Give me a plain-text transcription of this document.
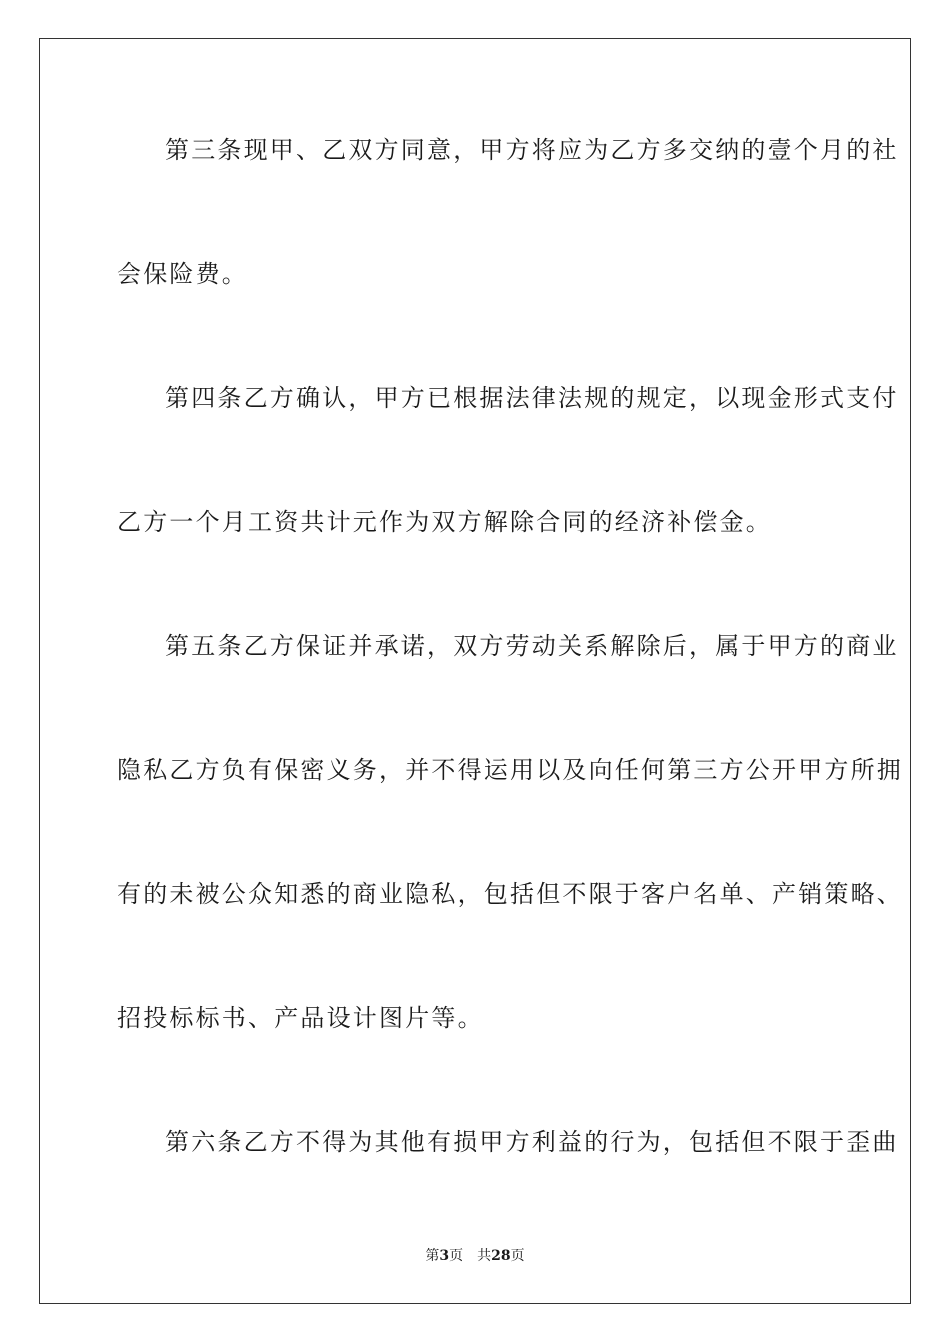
第三条现甲、乙双方同意，甲方将应为乙方多交纳的壹个月的社
会保险费。
第四条乙方确认，甲方已根据法律法规的规定，以现金形式支付
乙方一个月工资共计元作为双方解除合同的经济补偿金。
第五条乙方保证并承诺，双方劳动关系解除后，属于甲方的商业
隐私乙方负有保密义务，并不得运用以及向任何第三方公开甲方所拥
有的未被公众知悉的商业隐私，包括但不限于客户名单、产销策略、
招投标标书、产品设计图片等。
第六条乙方不得为其他有损甲方利益的行为，包括但不限于歪曲
第3页 共28页
